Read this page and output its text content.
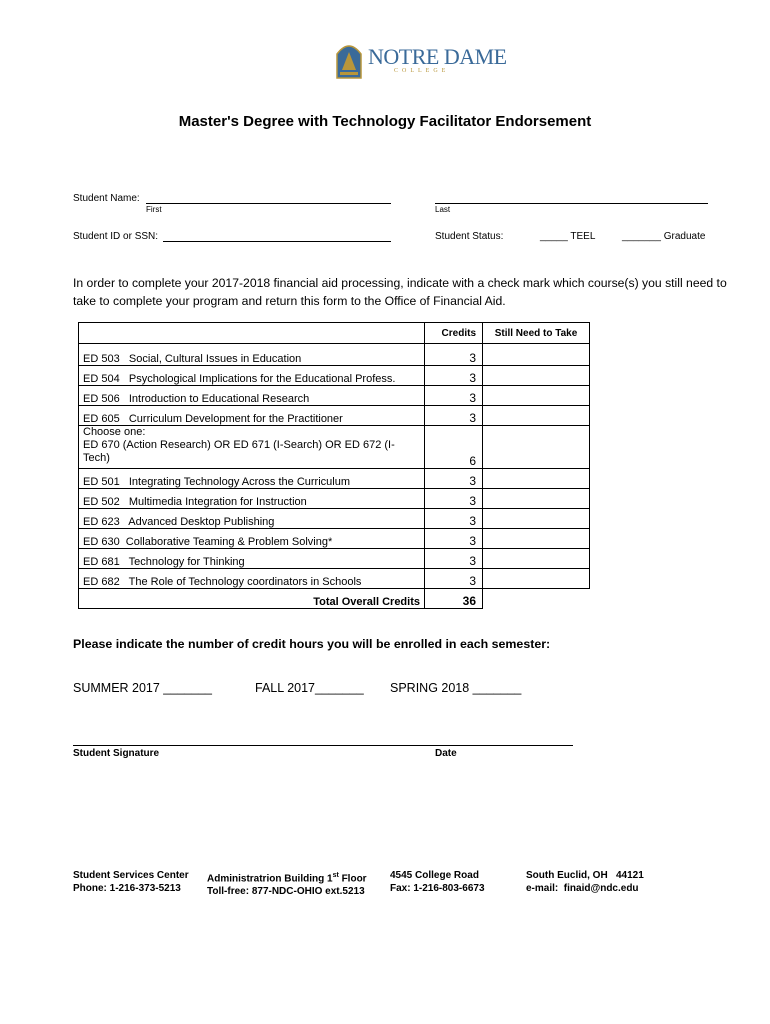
NOTRE DAME
COLLEGE
Master's Degree with Technology Facilitator Endorsement
Student Name:
First	Last
Student ID or SSN:	Student Status:	_____ TEEL	_______ Graduate
In order to complete your 2017-2018 financial aid processing, indicate with a check mark which course(s) you still need to take to complete your program and return this form to the Office of Financial Aid.
	Credits	Still Need to Take
ED 503   Social, Cultural Issues in Education	3	
ED 504   Psychological Implications for the Educational Profess.	3	
ED 506   Introduction to Educational Research	3	
ED 605   Curriculum Development for the Practitioner	3	
Choose one:
ED 670 (Action Research) OR ED 671 (I-Search) OR ED 672 (I-Tech)	6	
ED 501   Integrating Technology Across the Curriculum	3	
ED 502   Multimedia Integration for Instruction	3	
ED 623   Advanced Desktop Publishing	3	
ED 630  Collaborative Teaming & Problem Solving*	3	
ED 681   Technology for Thinking	3	
ED 682   The Role of Technology coordinators in Schools	3	
Total Overall Credits	36	
Please indicate the number of credit hours you will be enrolled in each semester:
SUMMER 2017 _______	FALL 2017_______ SPRING 2018 _______
Student Signature	Date
Student Services Center
Phone: 1-216-373-5213
Administratrion Building 1st Floor
Toll-free: 877-NDC-OHIO ext.5213
4545 College Road
Fax: 1-216-803-6673
South Euclid, OH   44121
e-mail:  finaid@ndc.edu
